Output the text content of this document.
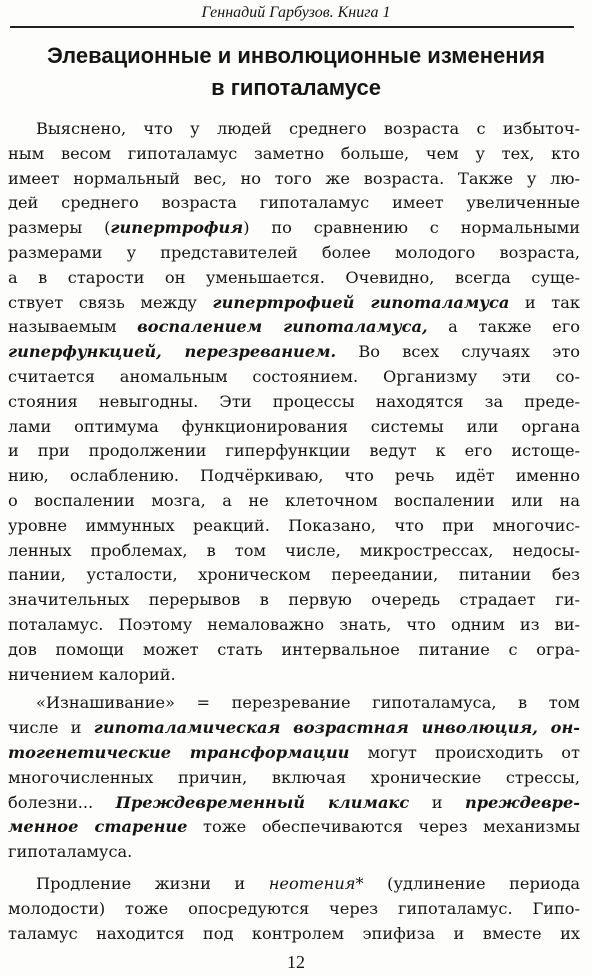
Геннадий Гарбузов. Книга 1
Элевационные и инволюционные изменения
в гипоталамусе
Выяснено, что у людей среднего возраста с избыточ-
ным весом гипоталамус заметно больше, чем у тех, кто
имеет нормальный вес, но того же возраста. Также у лю-
дей среднего возраста гипоталамус имеет увеличенные
размеры (гипертрофия) по сравнению с нормальными
размерами у представителей более молодого возраста,
а в старости он уменьшается. Очевидно, всегда суще-
ствует связь между гипертрофией гипоталамуса и так
называемым воспалением гипоталамуса, а также его
гиперфункцией, перезреванием. Во всех случаях это
считается аномальным состоянием. Организму эти со-
стояния невыгодны. Эти процессы находятся за преде-
лами оптимума функционирования системы или органа
и при продолжении гиперфункции ведут к его истоще-
нию, ослаблению. Подчёркиваю, что речь идёт именно
о воспалении мозга, а не клеточном воспалении или на
уровне иммунных реакций. Показано, что при многочис-
ленных проблемах, в том числе, микрострессах, недосы-
пании, усталости, хроническом переедании, питании без
значительных перерывов в первую очередь страдает ги-
поталамус. Поэтому немаловажно знать, что одним из ви-
дов помощи может стать интервальное питание с огра-
ничением калорий.
«Изнашивание» = перезревание гипоталамуса, в том
числе и гипоталамическая возрастная инволюция, он-
тогенетические трансформации могут происходить от
многочисленных причин, включая хронические стрессы,
болезни... Преждевременный климакс и преждевре-
менное старение тоже обеспечиваются через механизмы
гипоталамуса.
Продление жизни и неотения* (удлинение периода
молодости) тоже опосредуются через гипоталамус. Гипо-
таламус находится под контролем эпифиза и вместе их
12
